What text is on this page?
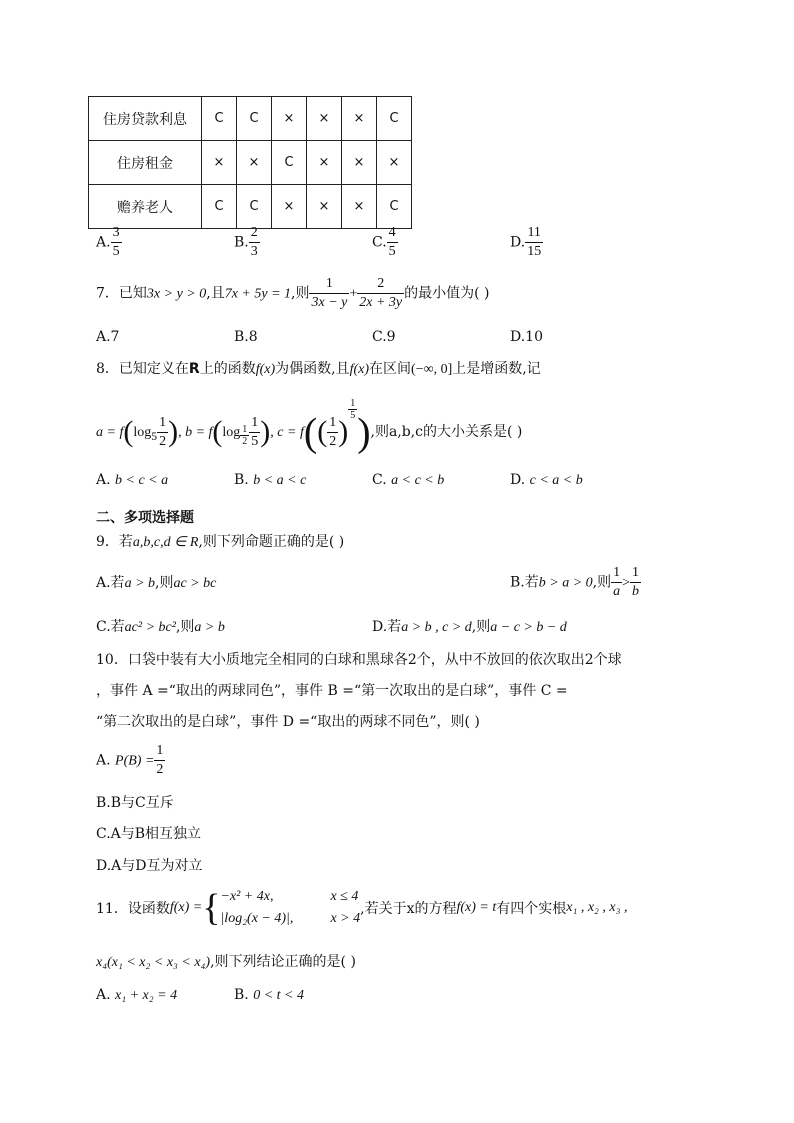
住房贷款利息	C	C	×	×	×	C
住房租金	×	×	C	×	×	×
赡养老人	C	C	×	×	×	C
A. $\frac{3}{5}$	B. $\frac{2}{3}$	C. $\frac{4}{5}$	D. $\frac{11}{15}$
7．已知3x > y > 0,且7x + 5y = 1,则 $\frac{1}{3x - y} + \frac{2}{2x + 3y}$ 的最小值为( )
A.7	B.8	C.9	D.10
8．已知定义在R上的函数f(x)为偶函数,且f(x)在区间(−∞, 0]上是增函数,记
$a = f(\log_5 \frac{1}{2}$ ), $b = f(\log \frac{1}{2} \frac{1}{5}$ ), $c = f(( \frac{1}{2}$ )
$\frac{1}{5}$ ),则a,b,c的大小关系是( )
A. b < c < a	B. b < a < c	C. a < c < b	D. c < a < b
二、多项选择题
9．若a,b,c,d ∈ R,则下列命题正确的是( )
A.若a > b,则ac > bc	B.若b > a > 0,则 $\frac{1}{a} > \frac{1}{b}$
C.若ac² > bc²,则a > b	D.若a > b , c > d,则a − c > b − d
10．口袋中装有大小质地完全相同的白球和黑球各2个，从中不放回的依次取出2个球
，事件 A =“取出的两球同色”，事件 B =“第一次取出的是白球”，事件 C =
“第二次取出的是白球”，事件 D =“取出的两球不同色”，则( )
A. $P(B) = \frac{1}{2}$
B.B与C互斥
C.A与B相互独立
D.A与D互为对立
11．设函数f(x) ={ −x² + 4x,	x ≤ 4
|log₂(x − 4)|,	x > 4
,若关于x的方程f(x) = t有四个实根x₁ , x₂ , x₃ ,
x₄(x₁ < x₂ < x₃ < x₄),则下列结论正确的是( )
A. x₁ + x₂ = 4	B. 0 < t < 4
